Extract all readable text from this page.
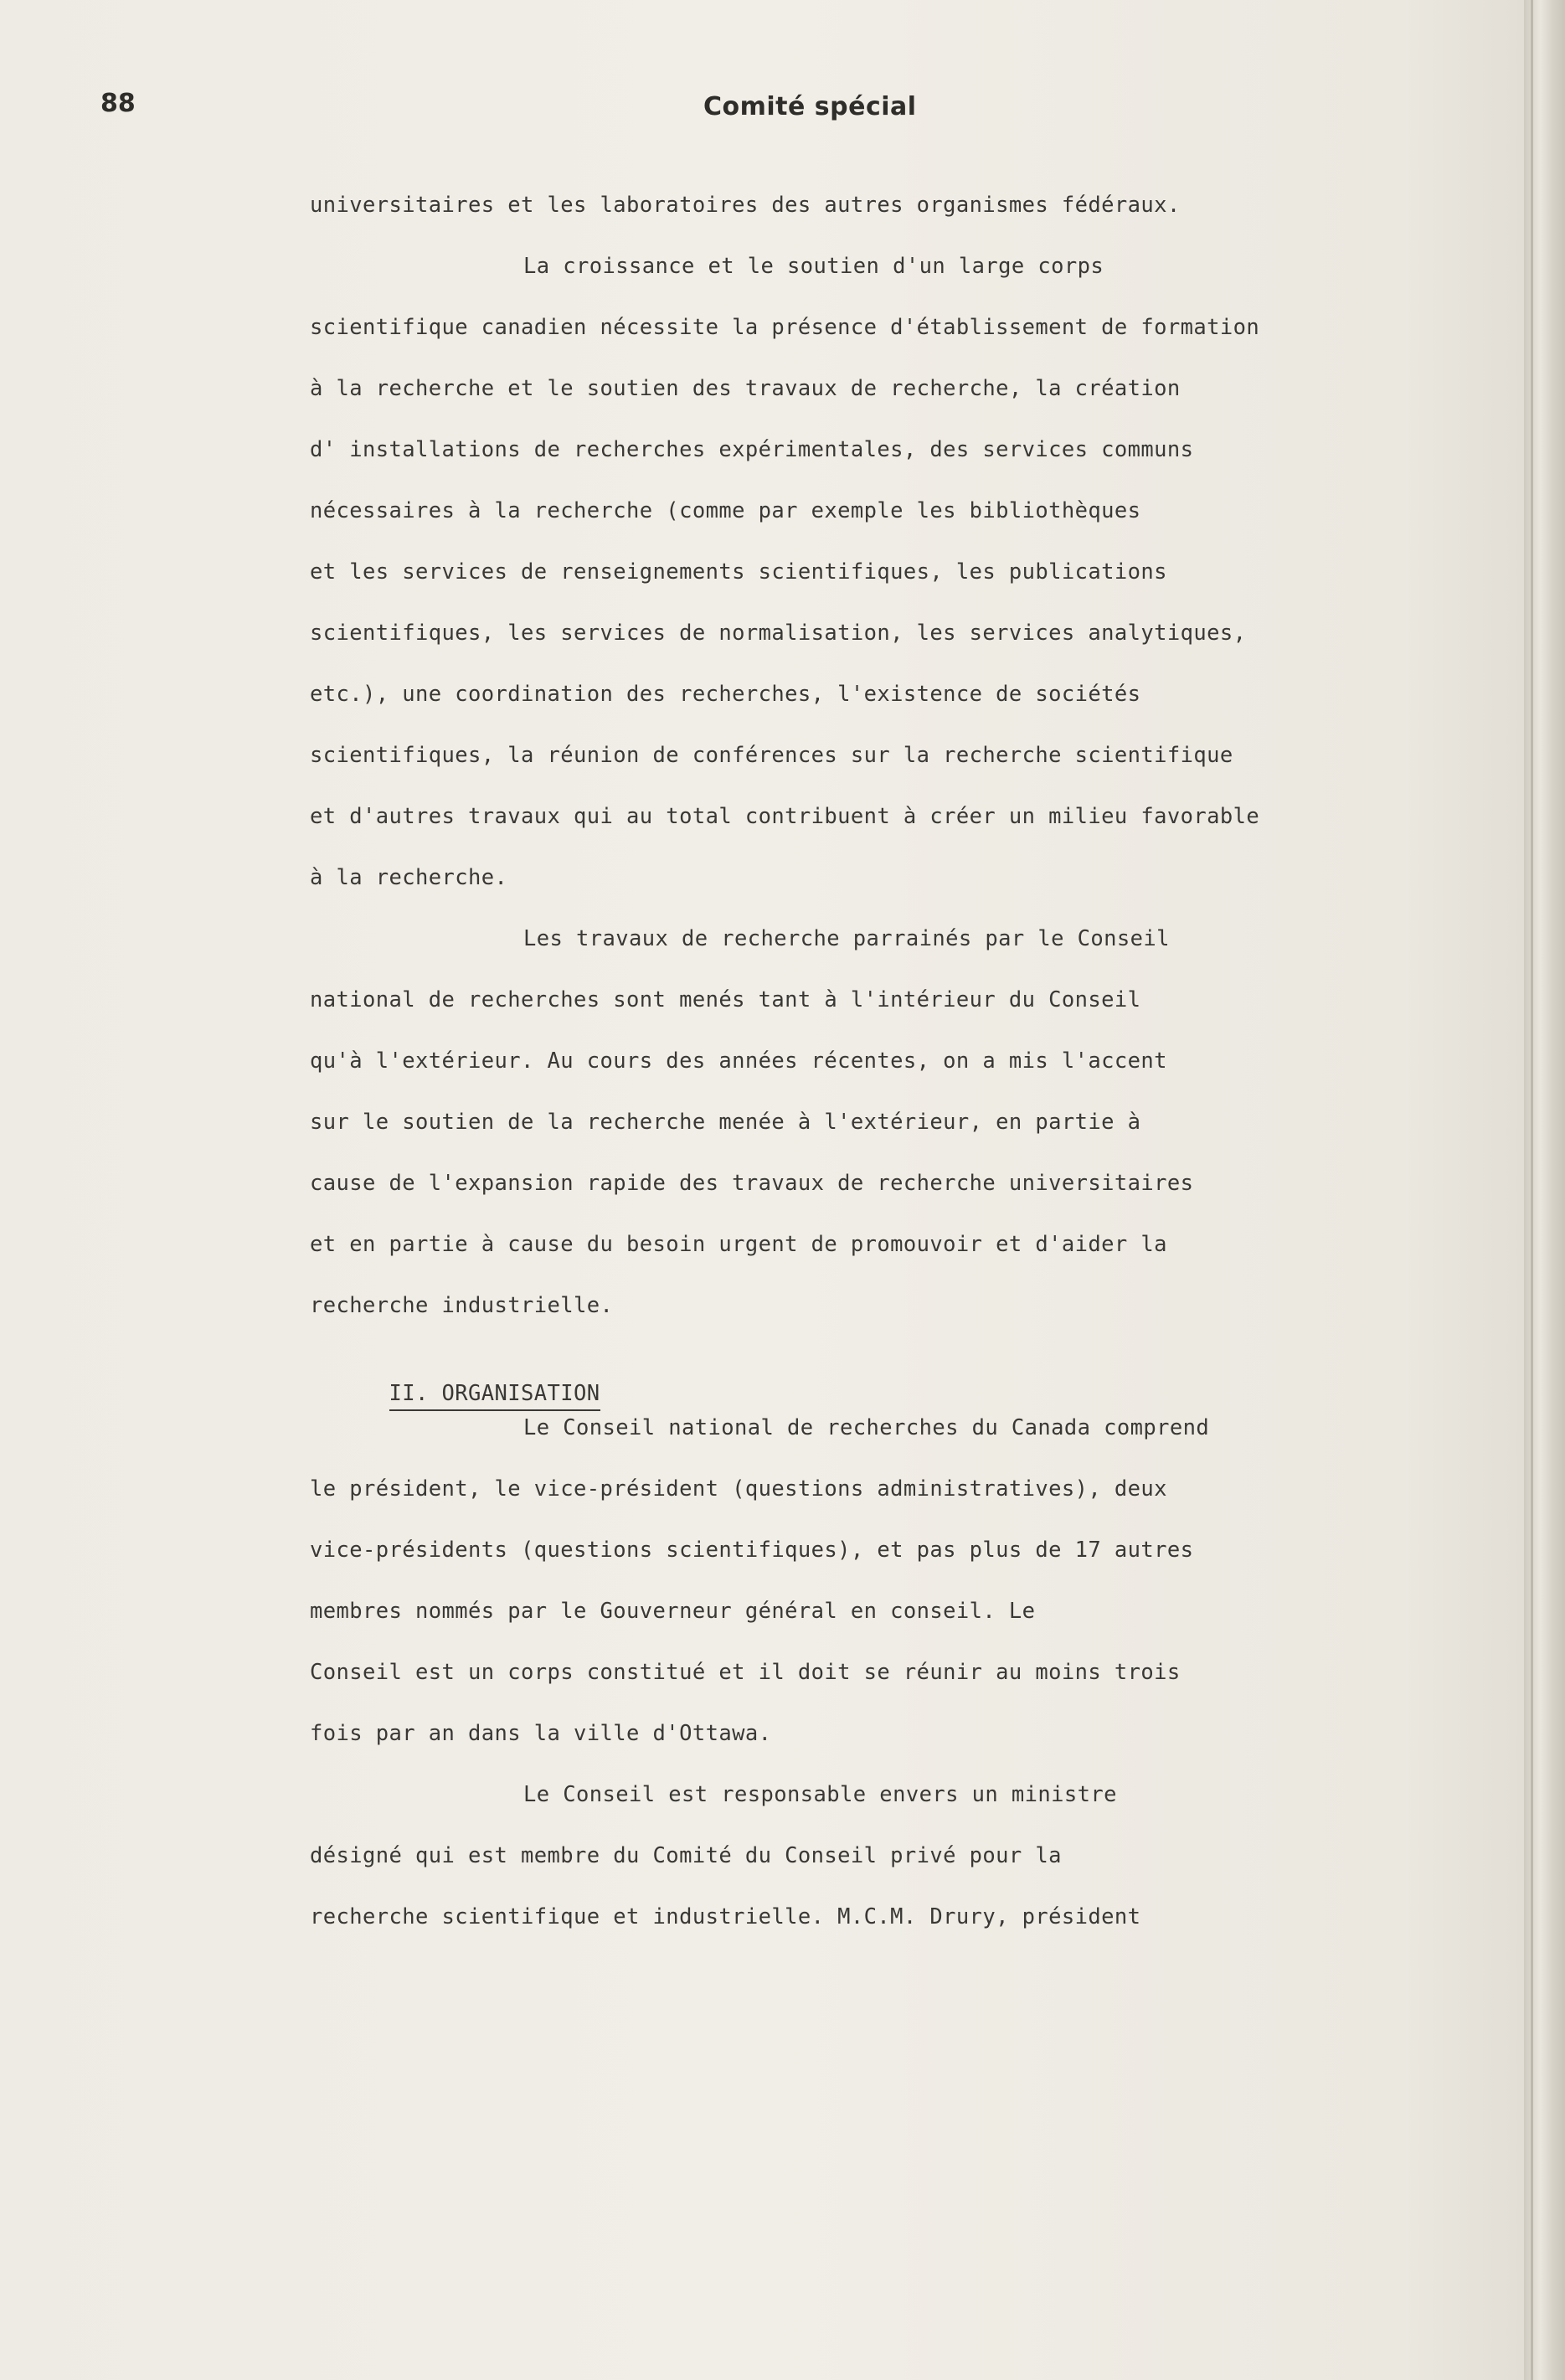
88	Comité spécial
universitaires et les laboratoires des autres organismes fédéraux.
La croissance et le soutien d'un large corps
scientifique canadien nécessite la présence d'établissement de formation
à la recherche et le soutien des travaux de recherche, la création
d' installations de recherches expérimentales, des services communs
nécessaires à la recherche (comme par exemple les bibliothèques
et les services de renseignements scientifiques, les publications
scientifiques, les services de normalisation, les services analytiques,
etc.), une coordination des recherches, l'existence de sociétés
scientifiques, la réunion de conférences sur la recherche scientifique
et d'autres travaux qui au total contribuent à créer un milieu favorable
à la recherche.
Les travaux de recherche parrainés par le Conseil
national de recherches sont menés tant à l'intérieur du Conseil
qu'à l'extérieur. Au cours des années récentes, on a mis l'accent
sur le soutien de la recherche menée à l'extérieur, en partie à
cause de l'expansion rapide des travaux de recherche universitaires
et en partie à cause du besoin urgent de promouvoir et d'aider la
recherche industrielle.

II. ORGANISATION

Le Conseil national de recherches du Canada comprend
le président, le vice-président (questions administratives), deux
vice-présidents (questions scientifiques), et pas plus de 17 autres
membres nommés par le Gouverneur général en conseil. Le
Conseil est un corps constitué et il doit se réunir au moins trois
fois par an dans la ville d'Ottawa.
Le Conseil est responsable envers un ministre
désigné qui est membre du Comité du Conseil privé pour la
recherche scientifique et industrielle. M.C.M. Drury, président
